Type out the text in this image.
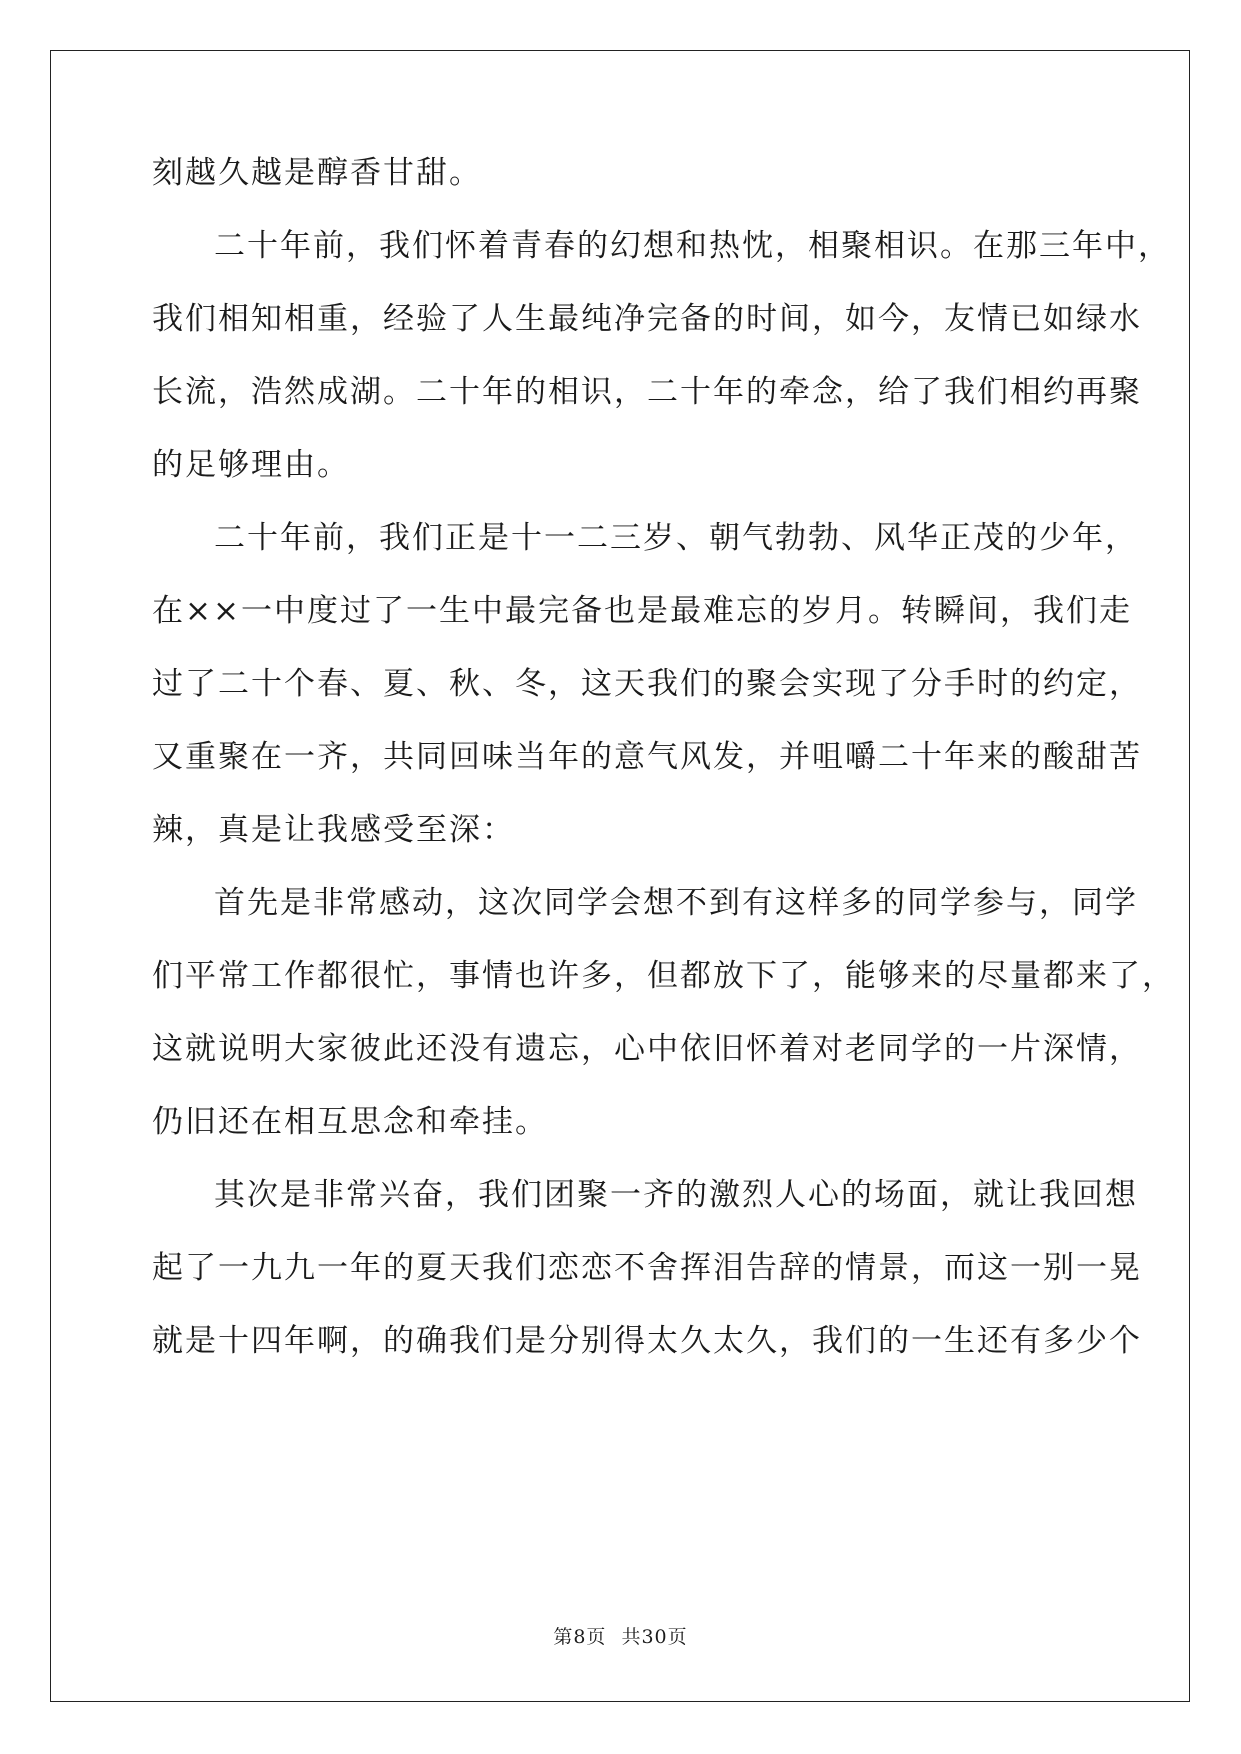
刻越久越是醇香甘甜。
二十年前，我们怀着青春的幻想和热忱，相聚相识。在那三年中，
我们相知相重，经验了人生最纯净完备的时间，如今，友情已如绿水
长流，浩然成湖。二十年的相识，二十年的牵念，给了我们相约再聚
的足够理由。
二十年前，我们正是十一二三岁、朝气勃勃、风华正茂的少年，
在××一中度过了一生中最完备也是最难忘的岁月。转瞬间，我们走
过了二十个春、夏、秋、冬，这天我们的聚会实现了分手时的约定，
又重聚在一齐，共同回味当年的意气风发，并咀嚼二十年来的酸甜苦
辣，真是让我感受至深：
首先是非常感动，这次同学会想不到有这样多的同学参与，同学
们平常工作都很忙，事情也许多，但都放下了，能够来的尽量都来了，
这就说明大家彼此还没有遗忘，心中依旧怀着对老同学的一片深情，
仍旧还在相互思念和牵挂。
其次是非常兴奋，我们团聚一齐的激烈人心的场面，就让我回想
起了一九九一年的夏天我们恋恋不舍挥泪告辞的情景，而这一别一晃
就是十四年啊，的确我们是分别得太久太久，我们的一生还有多少个
第8页 共30页
